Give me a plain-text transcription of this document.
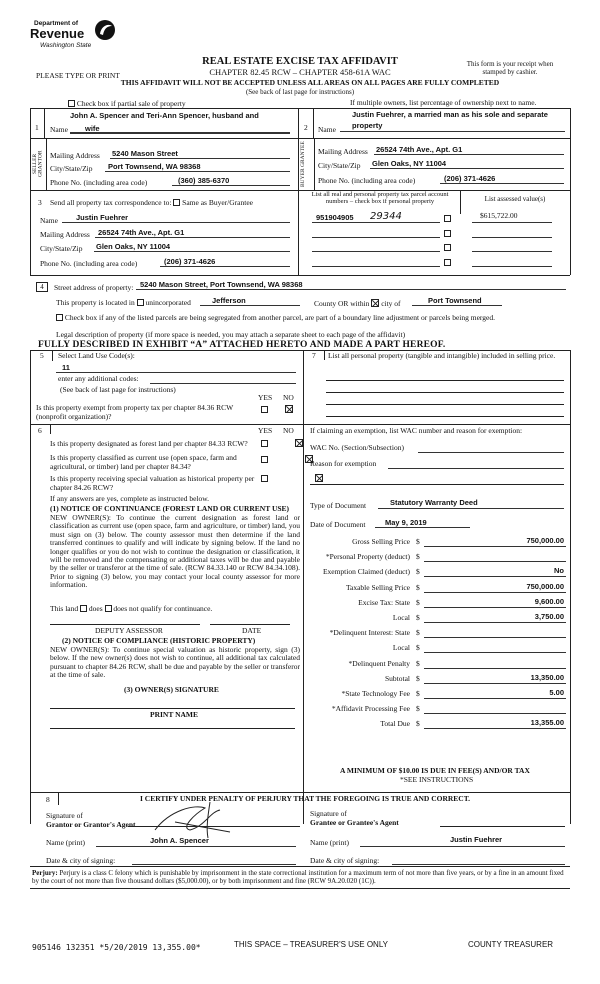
Department of
Revenue
Washington State
REAL ESTATE EXCISE TAX AFFIDAVIT
PLEASE TYPE OR PRINT	CHAPTER 82.45 RCW – CHAPTER 458-61A WAC
THIS AFFIDAVIT WILL NOT BE ACCEPTED UNLESS ALL AREAS ON ALL PAGES ARE FULLY COMPLETED
(See back of last page for instructions)
This form is your receipt when stamped by cashier.
Check box if partial sale of property	If multiple owners, list percentage of ownership next to name.
1 Name
John A. Spencer and Teri-Ann Spencer, husband and
wife
SELLER GRANTOR Mailing Address 5240 Mason Street
City/State/Zip Port Townsend, WA 98368
Phone No. (including area code)	(360) 385-6370
2 Name
Justin Fuehrer, a married man as his sole and separate
property
BUYER GRANTEE	Mailing Address 26524 74th Ave., Apt. G1
City/State/Zip Glen Oaks, NY 11004
Phone No. (including area code)	(206) 371-4626
3 Send all property tax correspondence to: Same as Buyer/Grantee
Name Justin Fuehrer
Mailing Address 26524 74th Ave., Apt. G1
City/State/Zip Glen Oaks, NY 11004
Phone No. (including area code)	(206) 371-4626
List all real and personal property tax parcel account numbers – check box if personal property	List assessed value(s)
951904905 29344	$615,722.00
4	Street address of property: 5240 Mason Street, Port Townsend, WA 98368
This property is located in unincorporated	Jefferson	County OR within city of	Port Townsend
Check box if any of the listed parcels are being segregated from another parcel, are part of a boundary line adjustment or parcels being merged.
Legal description of property (if more space is needed, you may attach a separate sheet to each page of the affidavit)
FULLY DESCRIBED IN EXHIBIT “A” ATTACHED HERETO AND MADE A PART HEREOF.
5 Select Land Use Code(s):
11
enter any additional codes:
(See back of last page for instructions)
YES NO
Is this property exempt from property tax per chapter 84.36 RCW (nonprofit organization)?

6	YES NO
Is this property designated as forest land per chapter 84.33 RCW?

Is this property classified as current use (open space, farm and agricultural, or timber) land per chapter 84.34?

Is this property receiving special valuation as historical property per chapter 84.26 RCW?
If any answers are yes, complete as instructed below.
(1) NOTICE OF CONTINUANCE (FOREST LAND OR CURRENT USE)
NEW OWNER(S): To continue the current designation as forest land or classification as current use (open space, farm and agriculture, or timber) land, you must sign on (3) below. The county assessor must then determine if the land transferred continues to qualify and will indicate by signing below. If the land no longer qualifies or you do not wish to continue the designation or classification, it will be removed and the compensating or additional taxes will be due and payable by the seller or transferor at the time of sale. (RCW 84.33.140 or RCW 84.34.108). Prior to signing (3) below, you may contact your local county assessor for more information.
This land does does not qualify for continuance.
DEPUTY ASSESSOR	DATE
(2) NOTICE OF COMPLIANCE (HISTORIC PROPERTY)
NEW OWNER(S): To continue special valuation as historic property, sign (3) below. If the new owner(s) does not wish to continue, all additional tax calculated pursuant to chapter 84.26 RCW, shall be due and payable by the seller or transferor at the time of sale.
(3) OWNER(S) SIGNATURE
PRINT NAME
7 List all personal property (tangible and intangible) included in selling price.
If claiming an exemption, list WAC number and reason for exemption:
WAC No. (Section/Subsection)
Reason for exemption
Type of Document	Statutory Warranty Deed
Date of Document	May 9, 2019
Gross Selling Price $	750,000.00
*Personal Property (deduct) $
Exemption Claimed (deduct) $	No
Taxable Selling Price $	750,000.00
Excise Tax: State $	9,600.00
Local $	3,750.00
*Delinquent Interest: State $
Local $
*Delinquent Penalty $
Subtotal $	13,350.00
*State Technology Fee $	5.00
*Affidavit Processing Fee $
Total Due $	13,355.00
A MINIMUM OF $10.00 IS DUE IN FEE(S) AND/OR TAX
*SEE INSTRUCTIONS
8	I CERTIFY UNDER PENALTY OF PERJURY THAT THE FOREGOING IS TRUE AND CORRECT.
Signature of
Grantor or Grantor's Agent
Name (print)	John A. Spencer
Date & city of signing:
Signature of
Grantee or Grantee's Agent
Name (print)	Justin Fuehrer
Date & city of signing:
Perjury: Perjury is a class C felony which is punishable by imprisonment in the state correctional institution for a maximum term of not more than five years, or by a fine in an amount fixed by the court of not more than five thousand dollars ($5,000.00), or by both imprisonment and fine (RCW 9A.20.020 (1C)).
905146 132351 *5/20/2019 13,355.00*	THIS SPACE – TREASURER'S USE ONLY	COUNTY TREASURER
